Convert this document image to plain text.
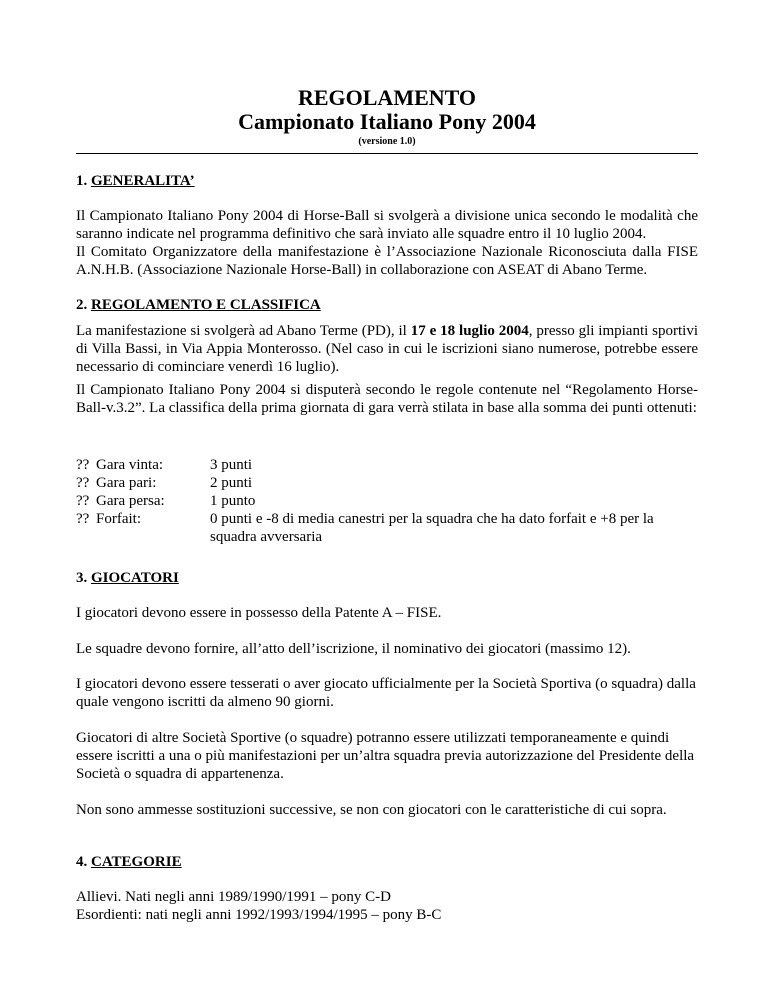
REGOLAMENTO
Campionato Italiano Pony 2004
(versione 1.0)
1. GENERALITA’
Il Campionato Italiano Pony 2004 di Horse-Ball si svolgerà a divisione unica secondo le modalità che saranno indicate nel programma definitivo che sarà inviato alle squadre entro il 10 luglio 2004.
Il Comitato Organizzatore della manifestazione è l’Associazione Nazionale Riconosciuta dalla FISE A.N.H.B. (Associazione Nazionale Horse-Ball) in collaborazione con ASEAT di Abano Terme.
2. REGOLAMENTO E CLASSIFICA
La manifestazione si svolgerà ad Abano Terme (PD), il 17 e 18 luglio 2004, presso gli impianti sportivi di Villa Bassi, in Via Appia Monterosso. (Nel caso in cui le iscrizioni siano numerose, potrebbe essere necessario di cominciare venerdì 16 luglio).
Il Campionato Italiano Pony 2004 si disputerà secondo le regole contenute nel “Regolamento Horse-Ball-v.3.2”. La classifica della prima giornata di gara verrà stilata in base alla somma dei punti ottenuti:
?? Gara vinta:	3 punti
?? Gara pari:	2 punti
?? Gara persa:	1 punto
?? Forfait:	0 punti e -8 di media canestri per la squadra che ha dato forfait e +8 per la squadra avversaria
3. GIOCATORI
I giocatori devono essere in possesso della Patente A – FISE.
Le squadre devono fornire, all’atto dell’iscrizione, il nominativo dei giocatori (massimo 12).
I giocatori devono essere tesserati o aver giocato ufficialmente per la Società Sportiva (o squadra) dalla quale vengono iscritti da almeno 90 giorni.
Giocatori di altre Società Sportive (o squadre) potranno essere utilizzati temporaneamente e quindi essere iscritti a una o più manifestazioni per un’altra squadra previa autorizzazione del Presidente della Società o squadra di appartenenza.
Non sono ammesse sostituzioni successive, se non con giocatori con le caratteristiche di cui sopra.
4. CATEGORIE
Allievi. Nati negli anni 1989/1990/1991 – pony C-D
Esordienti: nati negli anni 1992/1993/1994/1995 – pony B-C
